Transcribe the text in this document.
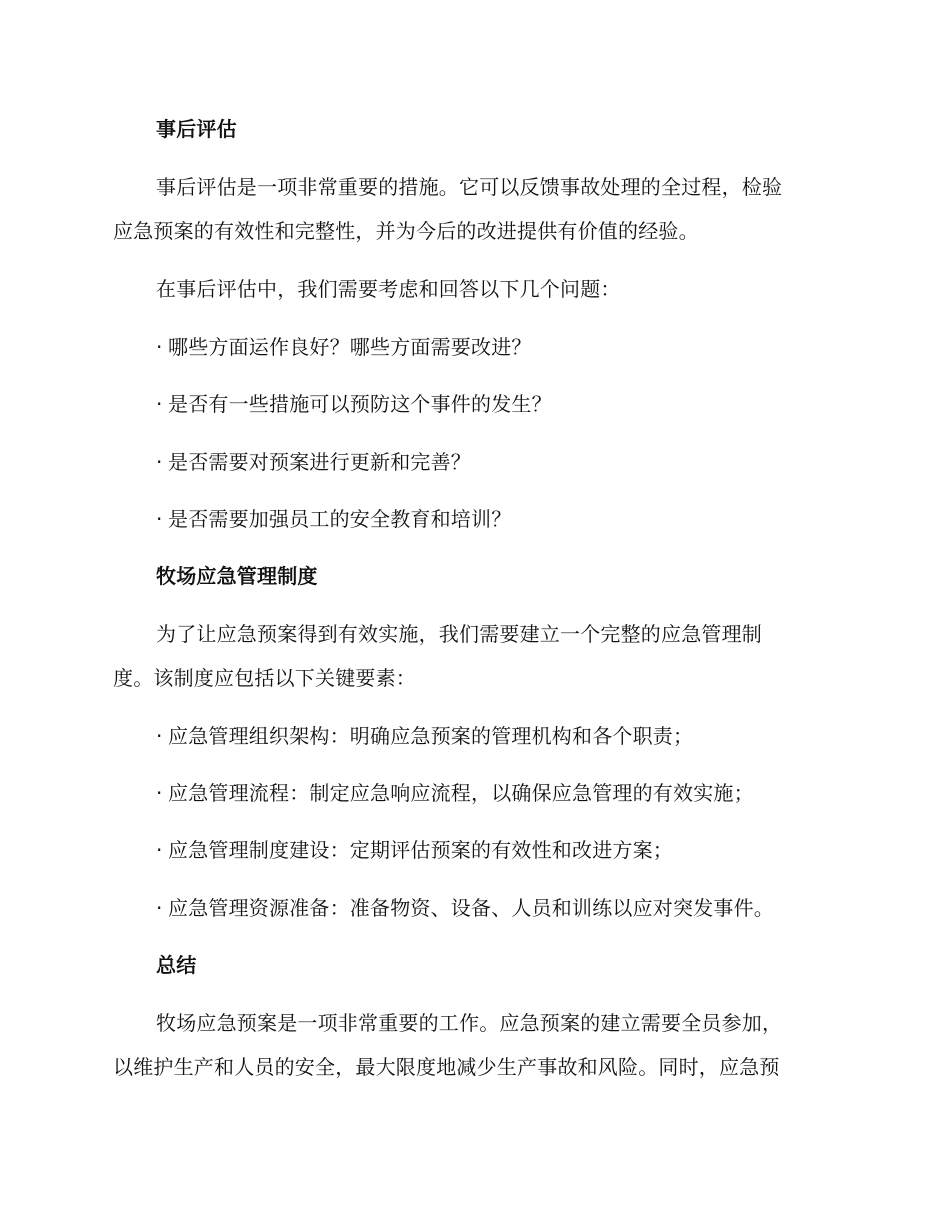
事后评估
事后评估是一项非常重要的措施。它可以反馈事故处理的全过程，检验
应急预案的有效性和完整性，并为今后的改进提供有价值的经验。
在事后评估中，我们需要考虑和回答以下几个问题：
· 哪些方面运作良好？哪些方面需要改进？
· 是否有一些措施可以预防这个事件的发生？
· 是否需要对预案进行更新和完善？
· 是否需要加强员工的安全教育和培训？
牧场应急管理制度
为了让应急预案得到有效实施，我们需要建立一个完整的应急管理制
度。该制度应包括以下关键要素：
· 应急管理组织架构：明确应急预案的管理机构和各个职责；
· 应急管理流程：制定应急响应流程，以确保应急管理的有效实施；
· 应急管理制度建设：定期评估预案的有效性和改进方案；
· 应急管理资源准备：准备物资、设备、人员和训练以应对突发事件。
总结
牧场应急预案是一项非常重要的工作。应急预案的建立需要全员参加，
以维护生产和人员的安全，最大限度地减少生产事故和风险。同时，应急预
